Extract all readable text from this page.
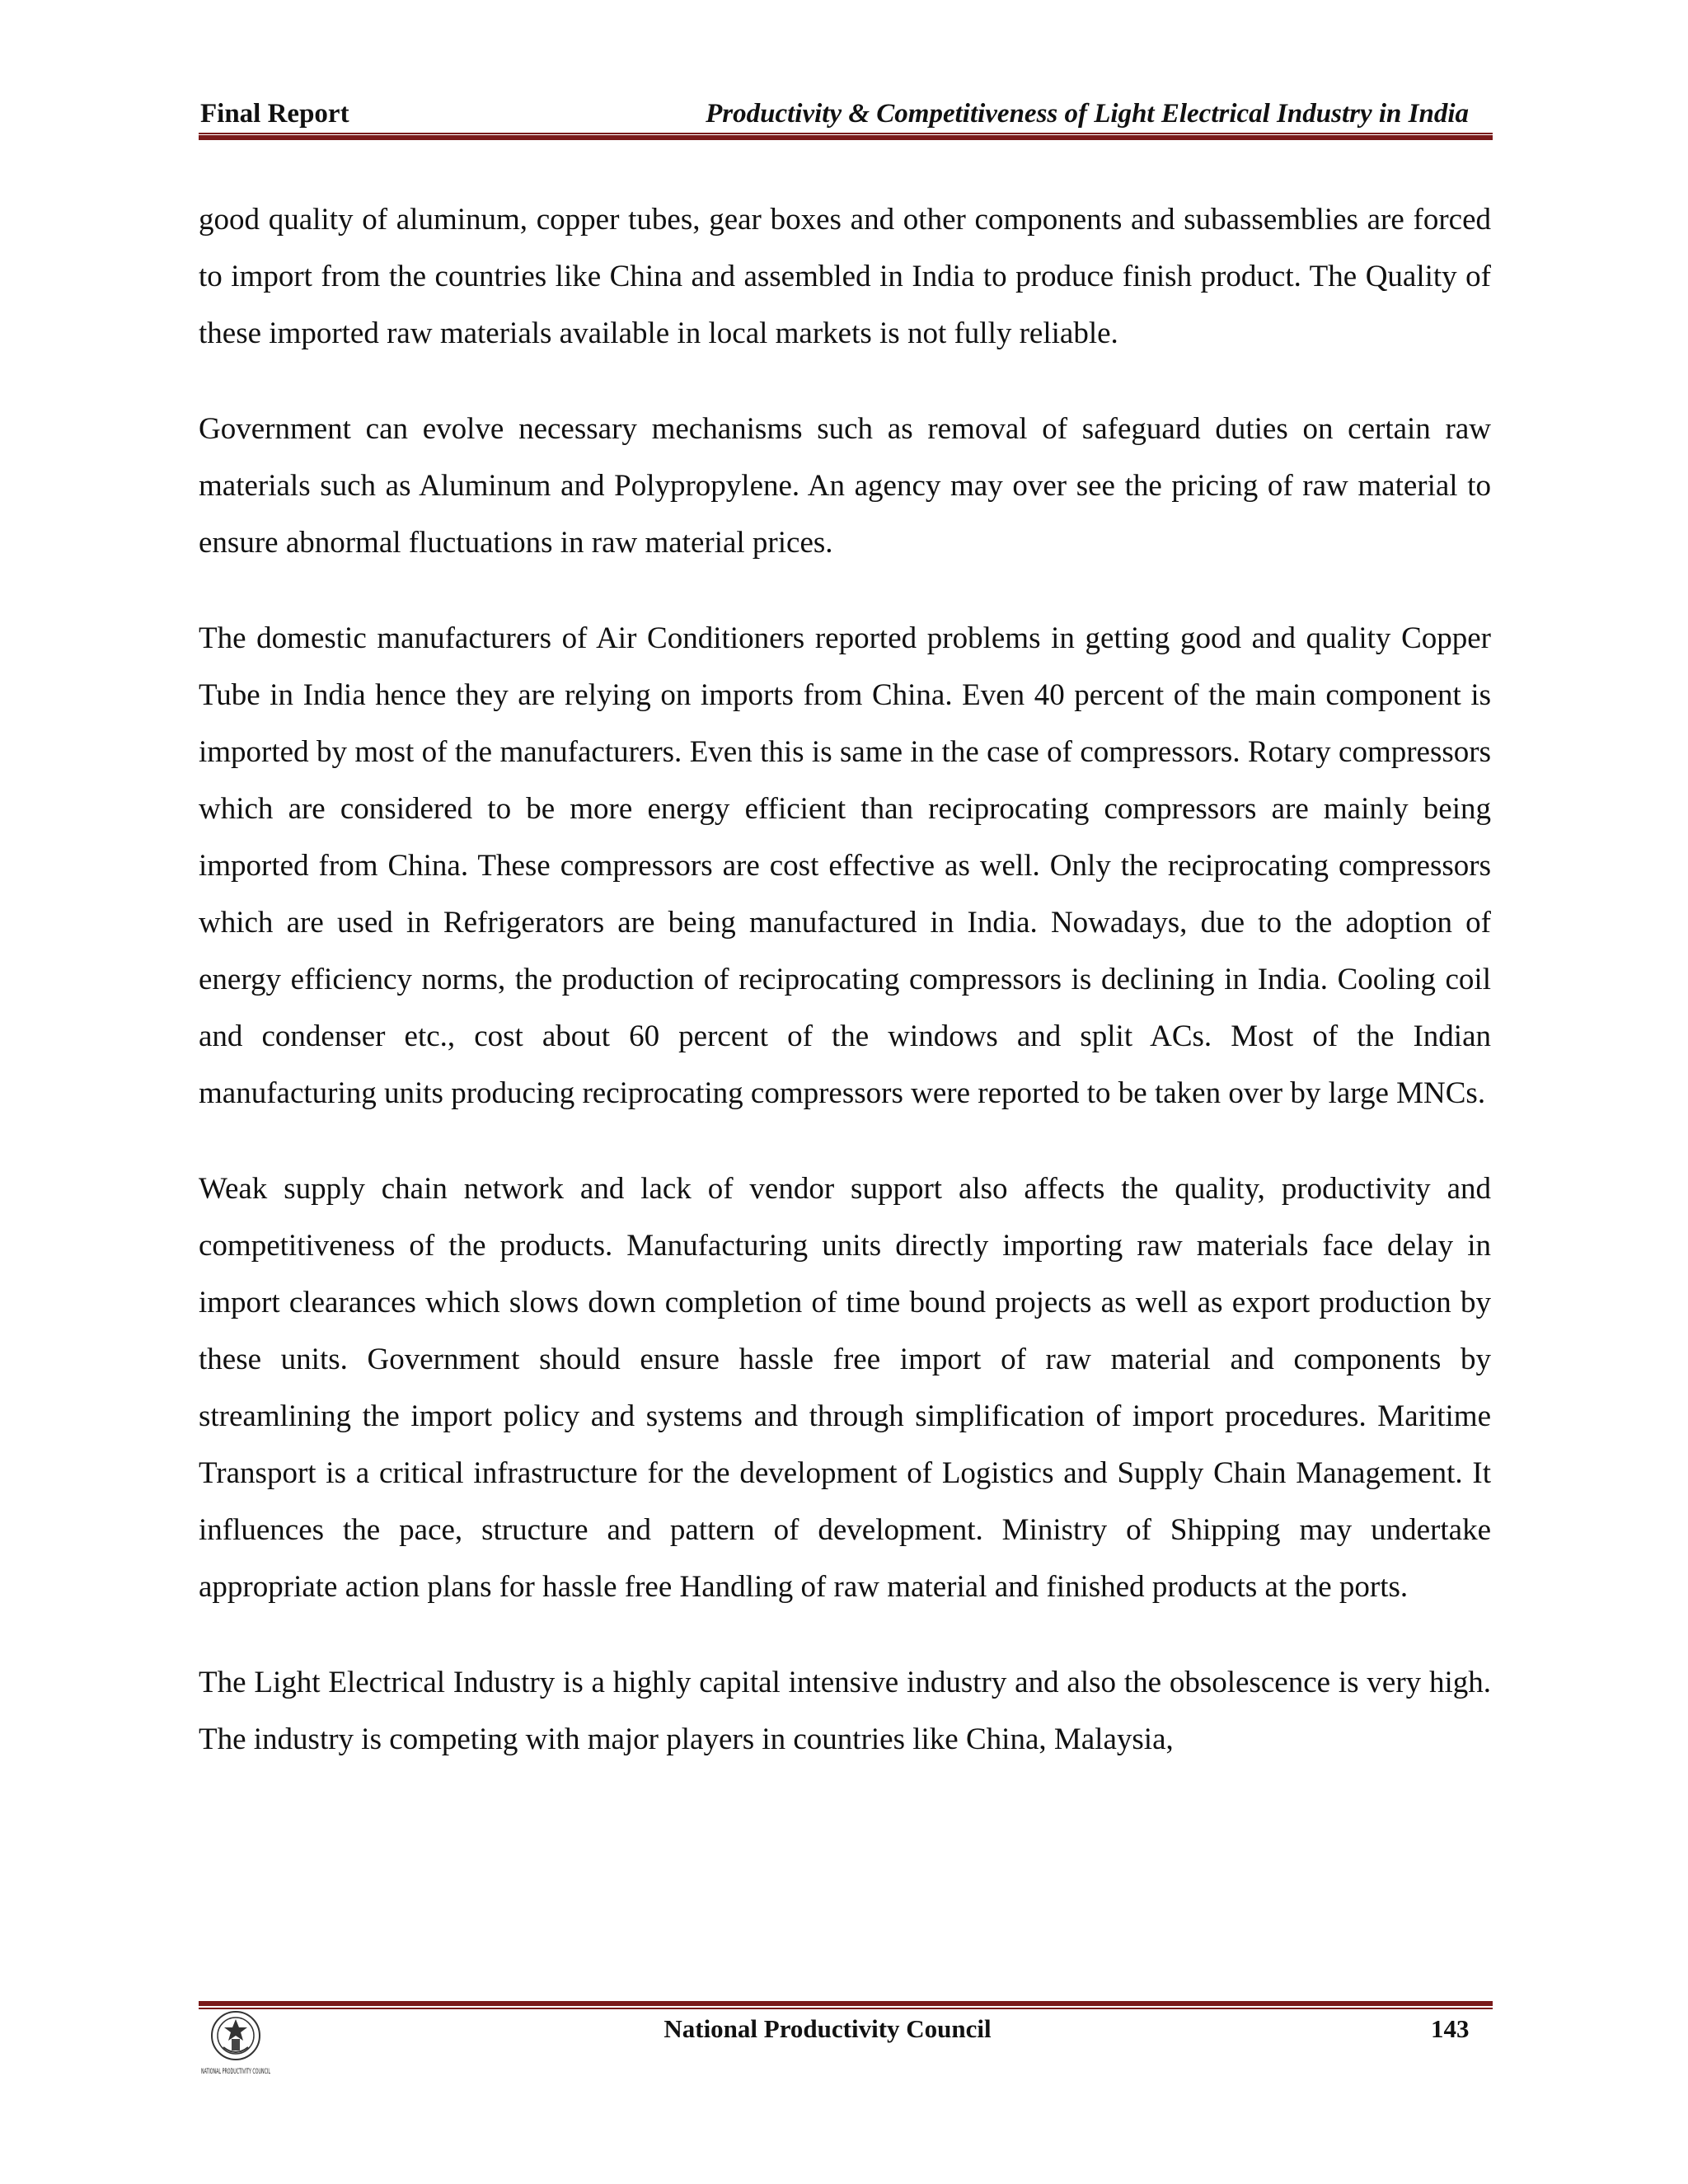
Final Report	Productivity & Competitiveness of Light Electrical Industry in India

good quality of aluminum, copper tubes, gear boxes and other components and subassemblies are forced to import from the countries like China and assembled in India to produce finish product. The Quality of these imported raw materials available in local markets is not fully reliable.

Government can evolve necessary mechanisms such as removal of safeguard duties on certain raw materials such as Aluminum and Polypropylene. An agency may over see the pricing of raw material to ensure abnormal fluctuations in raw material prices.

The domestic manufacturers of Air Conditioners reported problems in getting good and quality Copper Tube in India hence they are relying on imports from China. Even 40 percent of the main component is imported by most of the manufacturers. Even this is same in the case of compressors. Rotary compressors which are considered to be more energy efficient than reciprocating compressors are mainly being imported from China. These compressors are cost effective as well. Only the reciprocating compressors which are used in Refrigerators are being manufactured in India. Nowadays, due to the adoption of energy efficiency norms, the production of reciprocating compressors is declining in India. Cooling coil and condenser etc., cost about 60 percent of the windows and split ACs. Most of the Indian manufacturing units producing reciprocating compressors were reported to be taken over by large MNCs.

Weak supply chain network and lack of vendor support also affects the quality, productivity and competitiveness of the products. Manufacturing units directly importing raw materials face delay in import clearances which slows down completion of time bound projects as well as export production by these units. Government should ensure hassle free import of raw material and components by streamlining the import policy and systems and through simplification of import procedures. Maritime Transport is a critical infrastructure for the development of Logistics and Supply Chain Management. It influences the pace, structure and pattern of development. Ministry of Shipping may undertake appropriate action plans for hassle free Handling of raw material and finished products at the ports.

The Light Electrical Industry is a highly capital intensive industry and also the obsolescence is very high. The industry is competing with major players in countries like China, Malaysia,

NATIONAL PRODUCTIVITY COUNCIL
National Productivity Council	143
